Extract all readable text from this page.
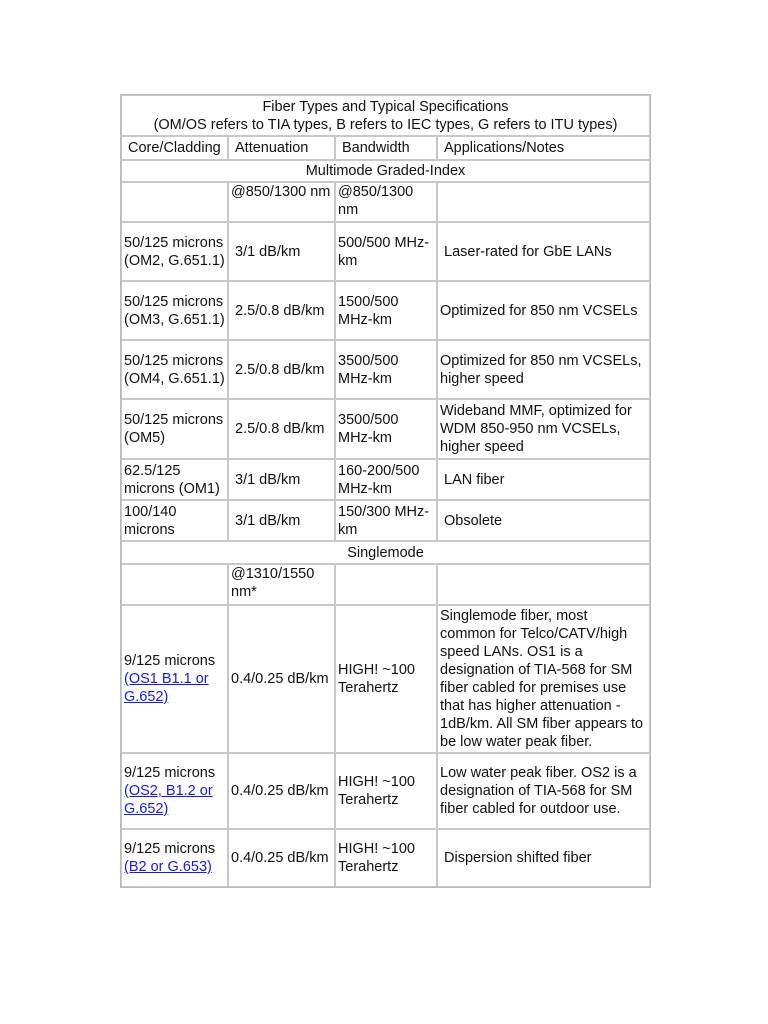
Fiber Types and Typical Specifications
(OM/OS refers to TIA types, B refers to IEC types, G refers to ITU types)			

Core/Cladding	Attenuation	Bandwidth	Applications/Notes
Multimode Graded-Index			
	@850/1300 nm	@850/1300 nm	
50/125 microns (OM2, G.651.1)	3/1 dB/km	500/500 MHz-km	Laser-rated for GbE LANs
50/125 microns (OM3, G.651.1)	2.5/0.8 dB/km	1500/500 MHz-km	Optimized for 850 nm VCSELs
50/125 microns (OM4, G.651.1)	2.5/0.8 dB/km	3500/500 MHz-km	Optimized for 850 nm VCSELs, higher speed
50/125 microns (OM5)	2.5/0.8 dB/km	3500/500 MHz-km	Wideband MMF, optimized for WDM 850-950 nm VCSELs, higher speed
62.5/125 microns (OM1)	3/1 dB/km	160-200/500 MHz-km	LAN fiber
100/140 microns	3/1 dB/km	150/300 MHz-km	Obsolete
Singlemode			
	@1310/1550 nm*		
9/125 microns (OS1 B1.1 or G.652)	0.4/0.25 dB/km	HIGH! ~100 Terahertz	Singlemode fiber, most common for Telco/CATV/high speed LANs. OS1 is a designation of TIA-568 for SM fiber cabled for premises use that has higher attenuation - 1dB/km. All SM fiber appears to be low water peak fiber.
9/125 microns (OS2, B1.2 or G.652)	0.4/0.25 dB/km	HIGH! ~100 Terahertz	Low water peak fiber. OS2 is a designation of TIA-568 for SM fiber cabled for outdoor use.
9/125 microns (B2 or G.653)	0.4/0.25 dB/km	HIGH! ~100 Terahertz	Dispersion shifted fiber
